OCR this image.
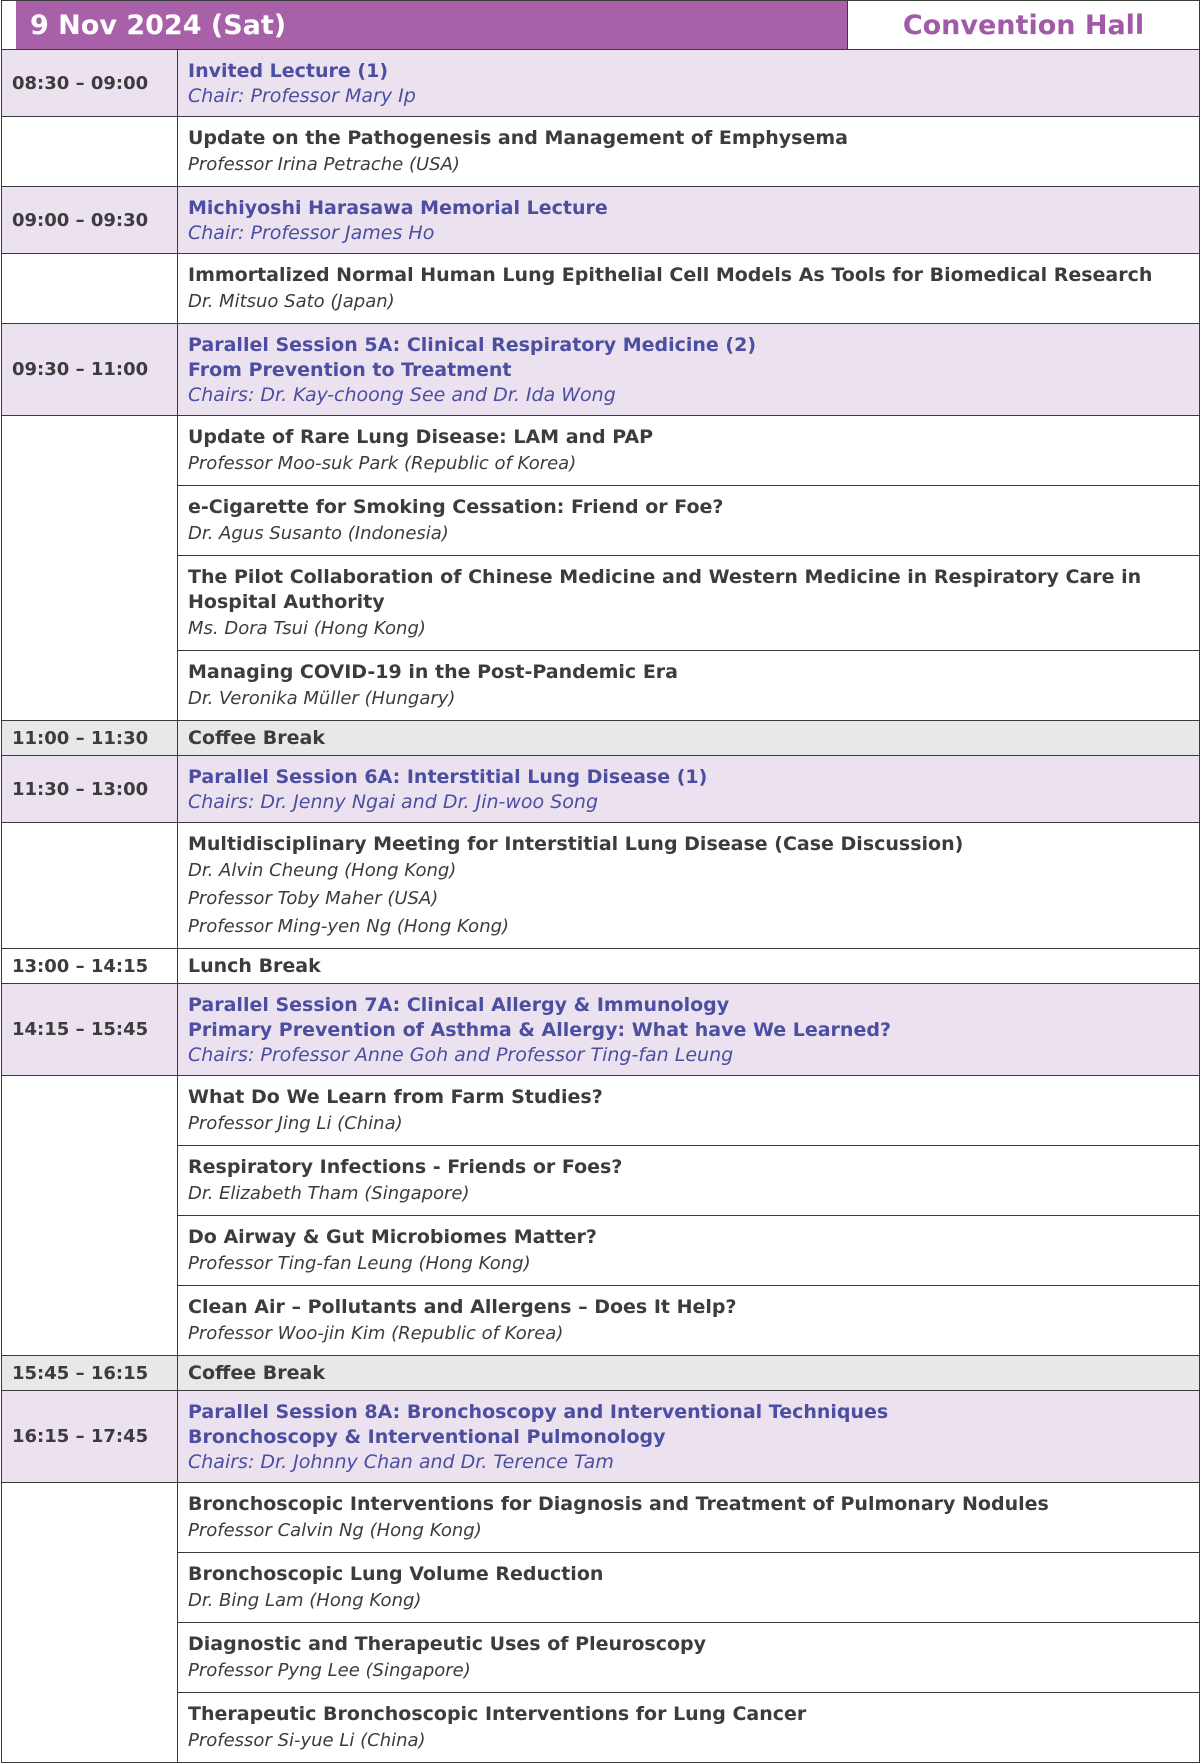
9 Nov 2024 (Sat) Convention Hall	

08:30 – 09:00	Invited Lecture (1)
Chair: Professor Mary Ip

	Update on the Pathogenesis and Management of Emphysema
Professor Irina Petrache (USA)

09:00 – 09:30	Michiyoshi Harasawa Memorial Lecture
Chair: Professor James Ho

	Immortalized Normal Human Lung Epithelial Cell Models As Tools for Biomedical Research
Dr. Mitsuo Sato (Japan)

09:30 – 11:00	Parallel Session 5A: Clinical Respiratory Medicine (2)
From Prevention to Treatment
Chairs: Dr. Kay-choong See and Dr. Ida Wong

	Update of Rare Lung Disease: LAM and PAP
Professor Moo-suk Park (Republic of Korea)

	e-Cigarette for Smoking Cessation: Friend or Foe?
Dr. Agus Susanto (Indonesia)

	The Pilot Collaboration of Chinese Medicine and Western Medicine in Respiratory Care in Hospital Authority
Ms. Dora Tsui (Hong Kong)

	Managing COVID-19 in the Post-Pandemic Era
Dr. Veronika Müller (Hungary)

11:00 – 11:30	Coffee Break
11:30 – 13:00	Parallel Session 6A: Interstitial Lung Disease (1)
Chairs: Dr. Jenny Ngai and Dr. Jin-woo Song

	Multidisciplinary Meeting for Interstitial Lung Disease (Case Discussion)
Dr. Alvin Cheung (Hong Kong)
Professor Toby Maher (USA)
Professor Ming-yen Ng (Hong Kong)

13:00 – 14:15	Lunch Break
14:15 – 15:45	Parallel Session 7A: Clinical Allergy & Immunology
Primary Prevention of Asthma & Allergy: What have We Learned?
Chairs: Professor Anne Goh and Professor Ting-fan Leung

	What Do We Learn from Farm Studies?
Professor Jing Li (China)

	Respiratory Infections - Friends or Foes?
Dr. Elizabeth Tham (Singapore)

	Do Airway & Gut Microbiomes Matter?
Professor Ting-fan Leung (Hong Kong)

	Clean Air – Pollutants and Allergens – Does It Help?
Professor Woo-jin Kim (Republic of Korea)

15:45 – 16:15	Coffee Break
16:15 – 17:45	Parallel Session 8A: Bronchoscopy and Interventional Techniques
Bronchoscopy & Interventional Pulmonology
Chairs: Dr. Johnny Chan and Dr. Terence Tam

	Bronchoscopic Interventions for Diagnosis and Treatment of Pulmonary Nodules
Professor Calvin Ng (Hong Kong)

	Bronchoscopic Lung Volume Reduction
Dr. Bing Lam (Hong Kong)

	Diagnostic and Therapeutic Uses of Pleuroscopy
Professor Pyng Lee (Singapore)

	Therapeutic Bronchoscopic Interventions for Lung Cancer
Professor Si-yue Li (China)
